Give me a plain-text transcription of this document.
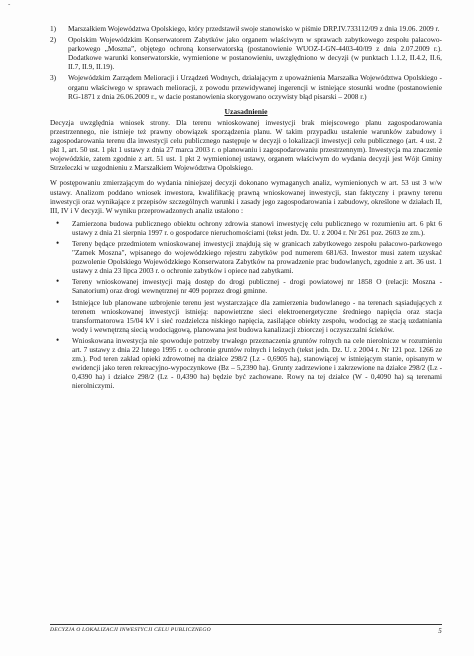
-
1) Marszałkiem Województwa Opolskiego, który przedstawił swoje stanowisko w piśmie DRP.IV.733112/09 z dnia 19.06. 2009 r.
2) Opolskim Wojewódzkim Konserwatorem Zabytków jako organem właściwym w sprawach zabytkowego zespołu pałacowo-parkowego „Moszna”, objętego ochroną konserwatorską (postanowienie WUOZ-I-GN-4403-40/09 z dnia 2.07.2009 r.). Dodatkowe warunki konserwatorskie, wymienione w postanowieniu, uwzględniono w decyzji (w punktach 1.1.2, II.4.2, II.6, II.7, II.9, II.19).
3) Wojewódzkim Zarządem Melioracji i Urządzeń Wodnych, działającym z upoważnienia Marszałka Województwa Opolskiego - organu właściwego w sprawach melioracji, z powodu przewidywanej ingerencji w istniejące stosunki wodne (postanowienie RG-1871 z dnia 26.06.2009 r., w dacie postanowienia skorygowano oczywisty błąd pisarski – 2008 r.)
Uzasadnienie

Decyzja uwzględnia wniosek strony. Dla terenu wnioskowanej inwestycji brak miejscowego planu zagospodarowania przestrzennego, nie istnieje też prawny obowiązek sporządzenia planu. W takim przypadku ustalenie warunków zabudowy i zagospodarowania terenu dla inwestycji celu publicznego następuje w decyzji o lokalizacji inwestycji celu publicznego (art. 4 ust. 2 pkt 1, art. 50 ust. 1 pkt 1 ustawy z dnia 27 marca 2003 r. o planowaniu i zagospodarowaniu przestrzennym). Inwestycja ma znaczenie wojewódzkie, zatem zgodnie z art. 51 ust. 1 pkt 2 wymienionej ustawy, organem właściwym do wydania decyzji jest Wójt Gminy Strzeleczki w uzgodnieniu z Marszałkiem Województwa Opolskiego.

W postępowaniu zmierzającym do wydania niniejszej decyzji dokonano wymaganych analiz, wymienionych w art. 53 ust 3 w/w ustawy. Analizom poddano wniosek inwestora, kwalifikację prawną wnioskowanej inwestycji, stan faktyczny i prawny terenu inwestycji oraz wynikające z przepisów szczególnych warunki i zasady jego zagospodarowania i zabudowy, określone w działach II, III, IV i V decyzji. W wyniku przeprowadzonych analiz ustalono :

• Zamierzona budowa publicznego obiektu ochrony zdrowia stanowi inwestycję celu publicznego w rozumieniu art. 6 pkt 6 ustawy z dnia 21 sierpnia 1997 r. o gospodarce nieruchomościami (tekst jedn. Dz. U. z 2004 r. Nr 261 poz. 2603 ze zm.).
• Tereny będące przedmiotem wnioskowanej inwestycji znajdują się w granicach zabytkowego zespołu pałacowo-parkowego "Zamek Moszna", wpisanego do wojewódzkiego rejestru zabytków pod numerem 681/63. Inwestor musi zatem uzyskać pozwolenie Opolskiego Wojewódzkiego Konserwatora Zabytków na prowadzenie prac budowlanych, zgodnie z art. 36 ust. 1 ustawy z dnia 23 lipca 2003 r. o ochronie zabytków i opiece nad zabytkami.
• Tereny wnioskowanej inwestycji mają dostęp do drogi publicznej - drogi powiatowej nr 1858 O (relacji: Moszna - Sanatorium) oraz drogi wewnętrznej nr 409 poprzez drogi gminne.
• Istniejące lub planowane uzbrojenie terenu jest wystarczające dla zamierzenia budowlanego - na terenach sąsiadujących z terenem wnioskowanej inwestycji istnieją: napowietrzne sieci elektroenergetyczne średniego napięcia oraz stacja transformatorowa 15/04 kV i sieć rozdzielcza niskiego napięcia, zasilające obiekty zespołu, wodociąg ze stacją uzdatniania wody i wewnętrzną siecią wodociągową, planowana jest budowa kanalizacji zbiorczej i oczyszczalni ścieków.
• Wnioskowana inwestycja nie spowoduje potrzeby trwałego przeznaczenia gruntów rolnych na cele nierolnicze w rozumieniu art. 7 ustawy z dnia 22 lutego 1995 r. o ochronie gruntów rolnych i leśnych (tekst jedn. Dz. U. z 2004 r. Nr 121 poz. 1266 ze zm.). Pod teren zakład opieki zdrowotnej na działce 298/2 (Lz - 0,6905 ha), stanowiącej w istniejącym stanie, opisanym w ewidencji jako teren rekreacyjno-wypoczynkowe (Bz – 5,2390 ha). Grunty zadrzewione i zakrzewione na działce 298/2 (Lz - 0,4390 ha) i działce 298/2 (Lz - 0,4390 ha) będzie być zachowane. Rowy na tej działce (W - 0,4090 ha) są terenami nierolniczymi.
DECYZJA O LOKALIZACJI INWESTYCJI CELU PUBLICZNEGO	5
